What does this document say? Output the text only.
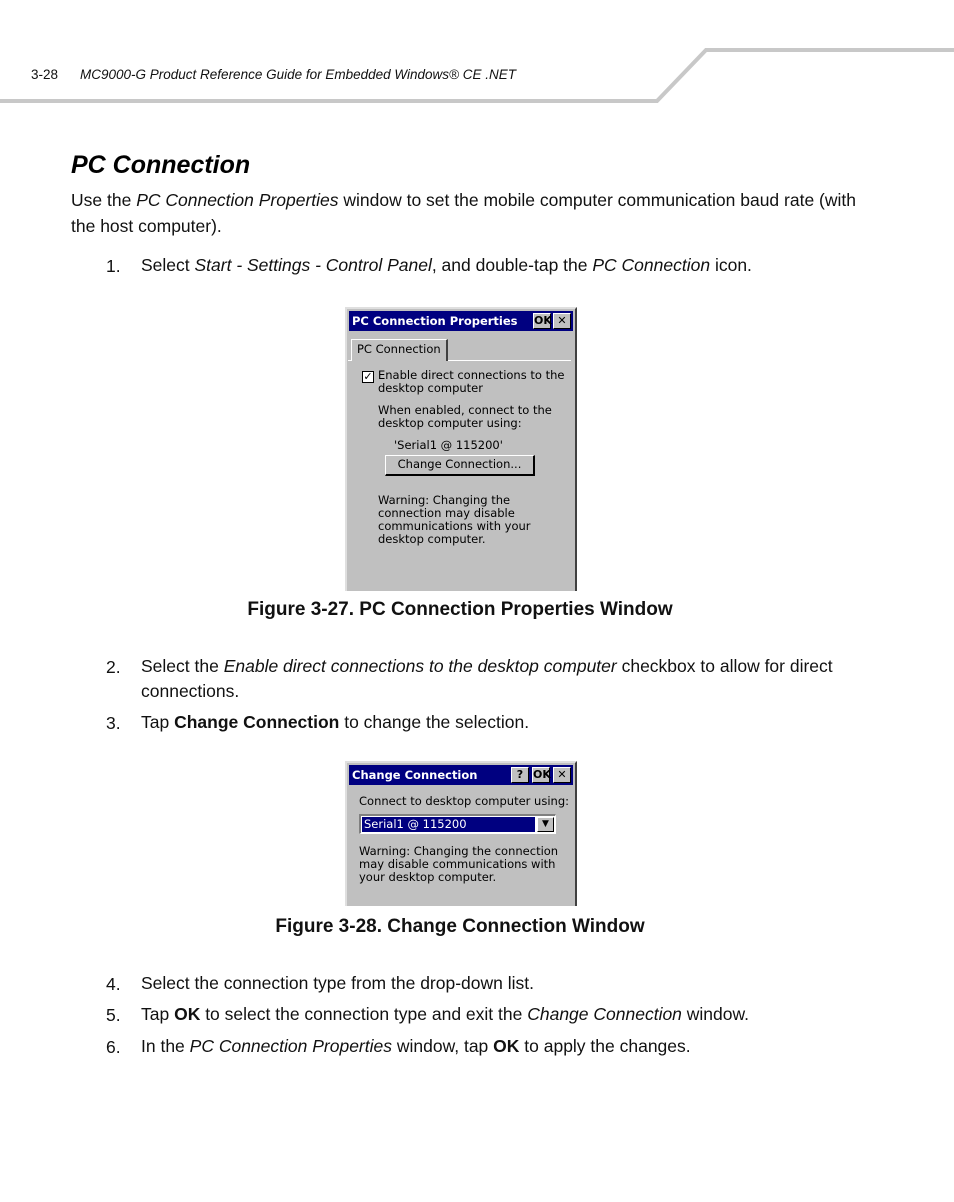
3-28 MC9000-G Product Reference Guide for Embedded Windows® CE .NET
PC Connection
Use the PC Connection Properties window to set the mobile computer communication baud rate (with the host computer).
1. Select Start - Settings - Control Panel, and double-tap the PC Connection icon.
PC Connection Properties OK ✕
PC Connection
✓ Enable direct connections to the
desktop computer
When enabled, connect to the
desktop computer using:
'Serial1 @ 115200'
Change Connection...
Warning: Changing the
connection may disable
communications with your
desktop computer.
Figure 3-27. PC Connection Properties Window
2. Select the Enable direct connections to the desktop computer checkbox to allow for direct connections.
3. Tap Change Connection to change the selection.
Change Connection	? OK ✕
Connect to desktop computer using:
Serial1 @ 115200	▼
Warning: Changing the connection
may disable communications with
your desktop computer.
Figure 3-28. Change Connection Window
4. Select the connection type from the drop-down list.
5. Tap OK to select the connection type and exit the Change Connection window.
6. In the PC Connection Properties window, tap OK to apply the changes.
